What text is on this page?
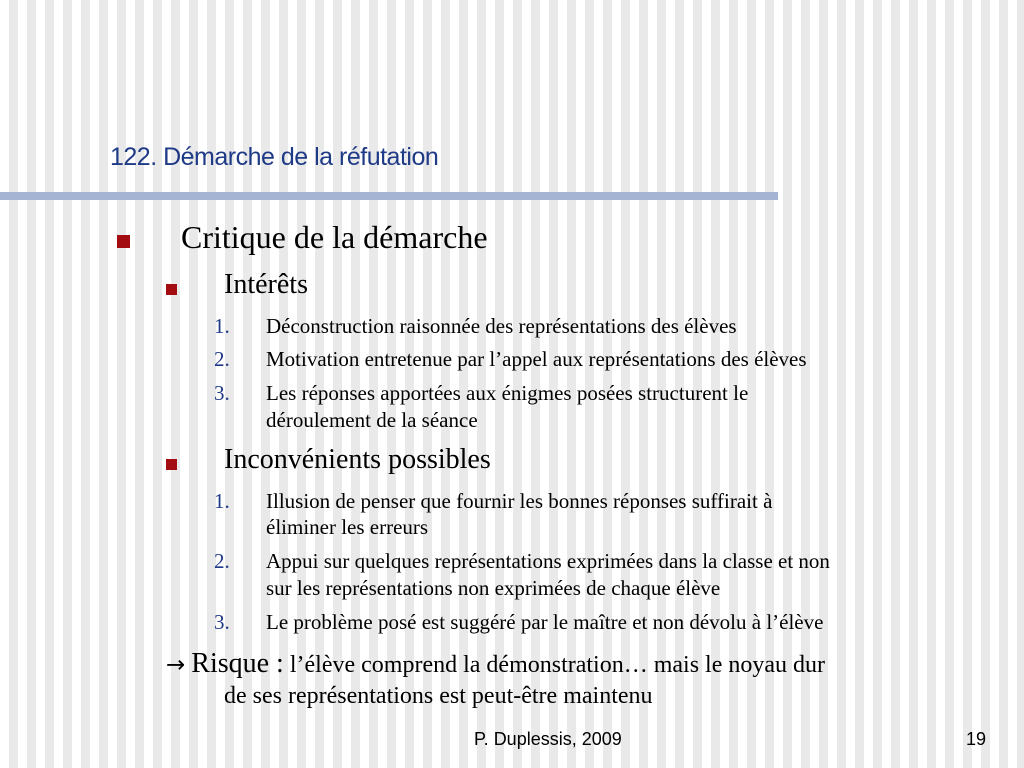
122. Démarche de la réfutation
Critique de la démarche
Intérêts
1. Déconstruction raisonnée des représentations des élèves
2. Motivation entretenue par l’appel aux représentations des élèves
3. Les réponses apportées aux énigmes posées structurent le
déroulement de la séance
Inconvénients possibles
1. Illusion de penser que fournir les bonnes réponses suffirait à
éliminer les erreurs
2. Appui sur quelques représentations exprimées dans la classe et non
sur les représentations non exprimées de chaque élève
3. Le problème posé est suggéré par le maître et non dévolu à l’élève
→ Risque : l’élève comprend la démonstration… mais le noyau dur
de ses représentations est peut-être maintenu
P. Duplessis, 2009	19
